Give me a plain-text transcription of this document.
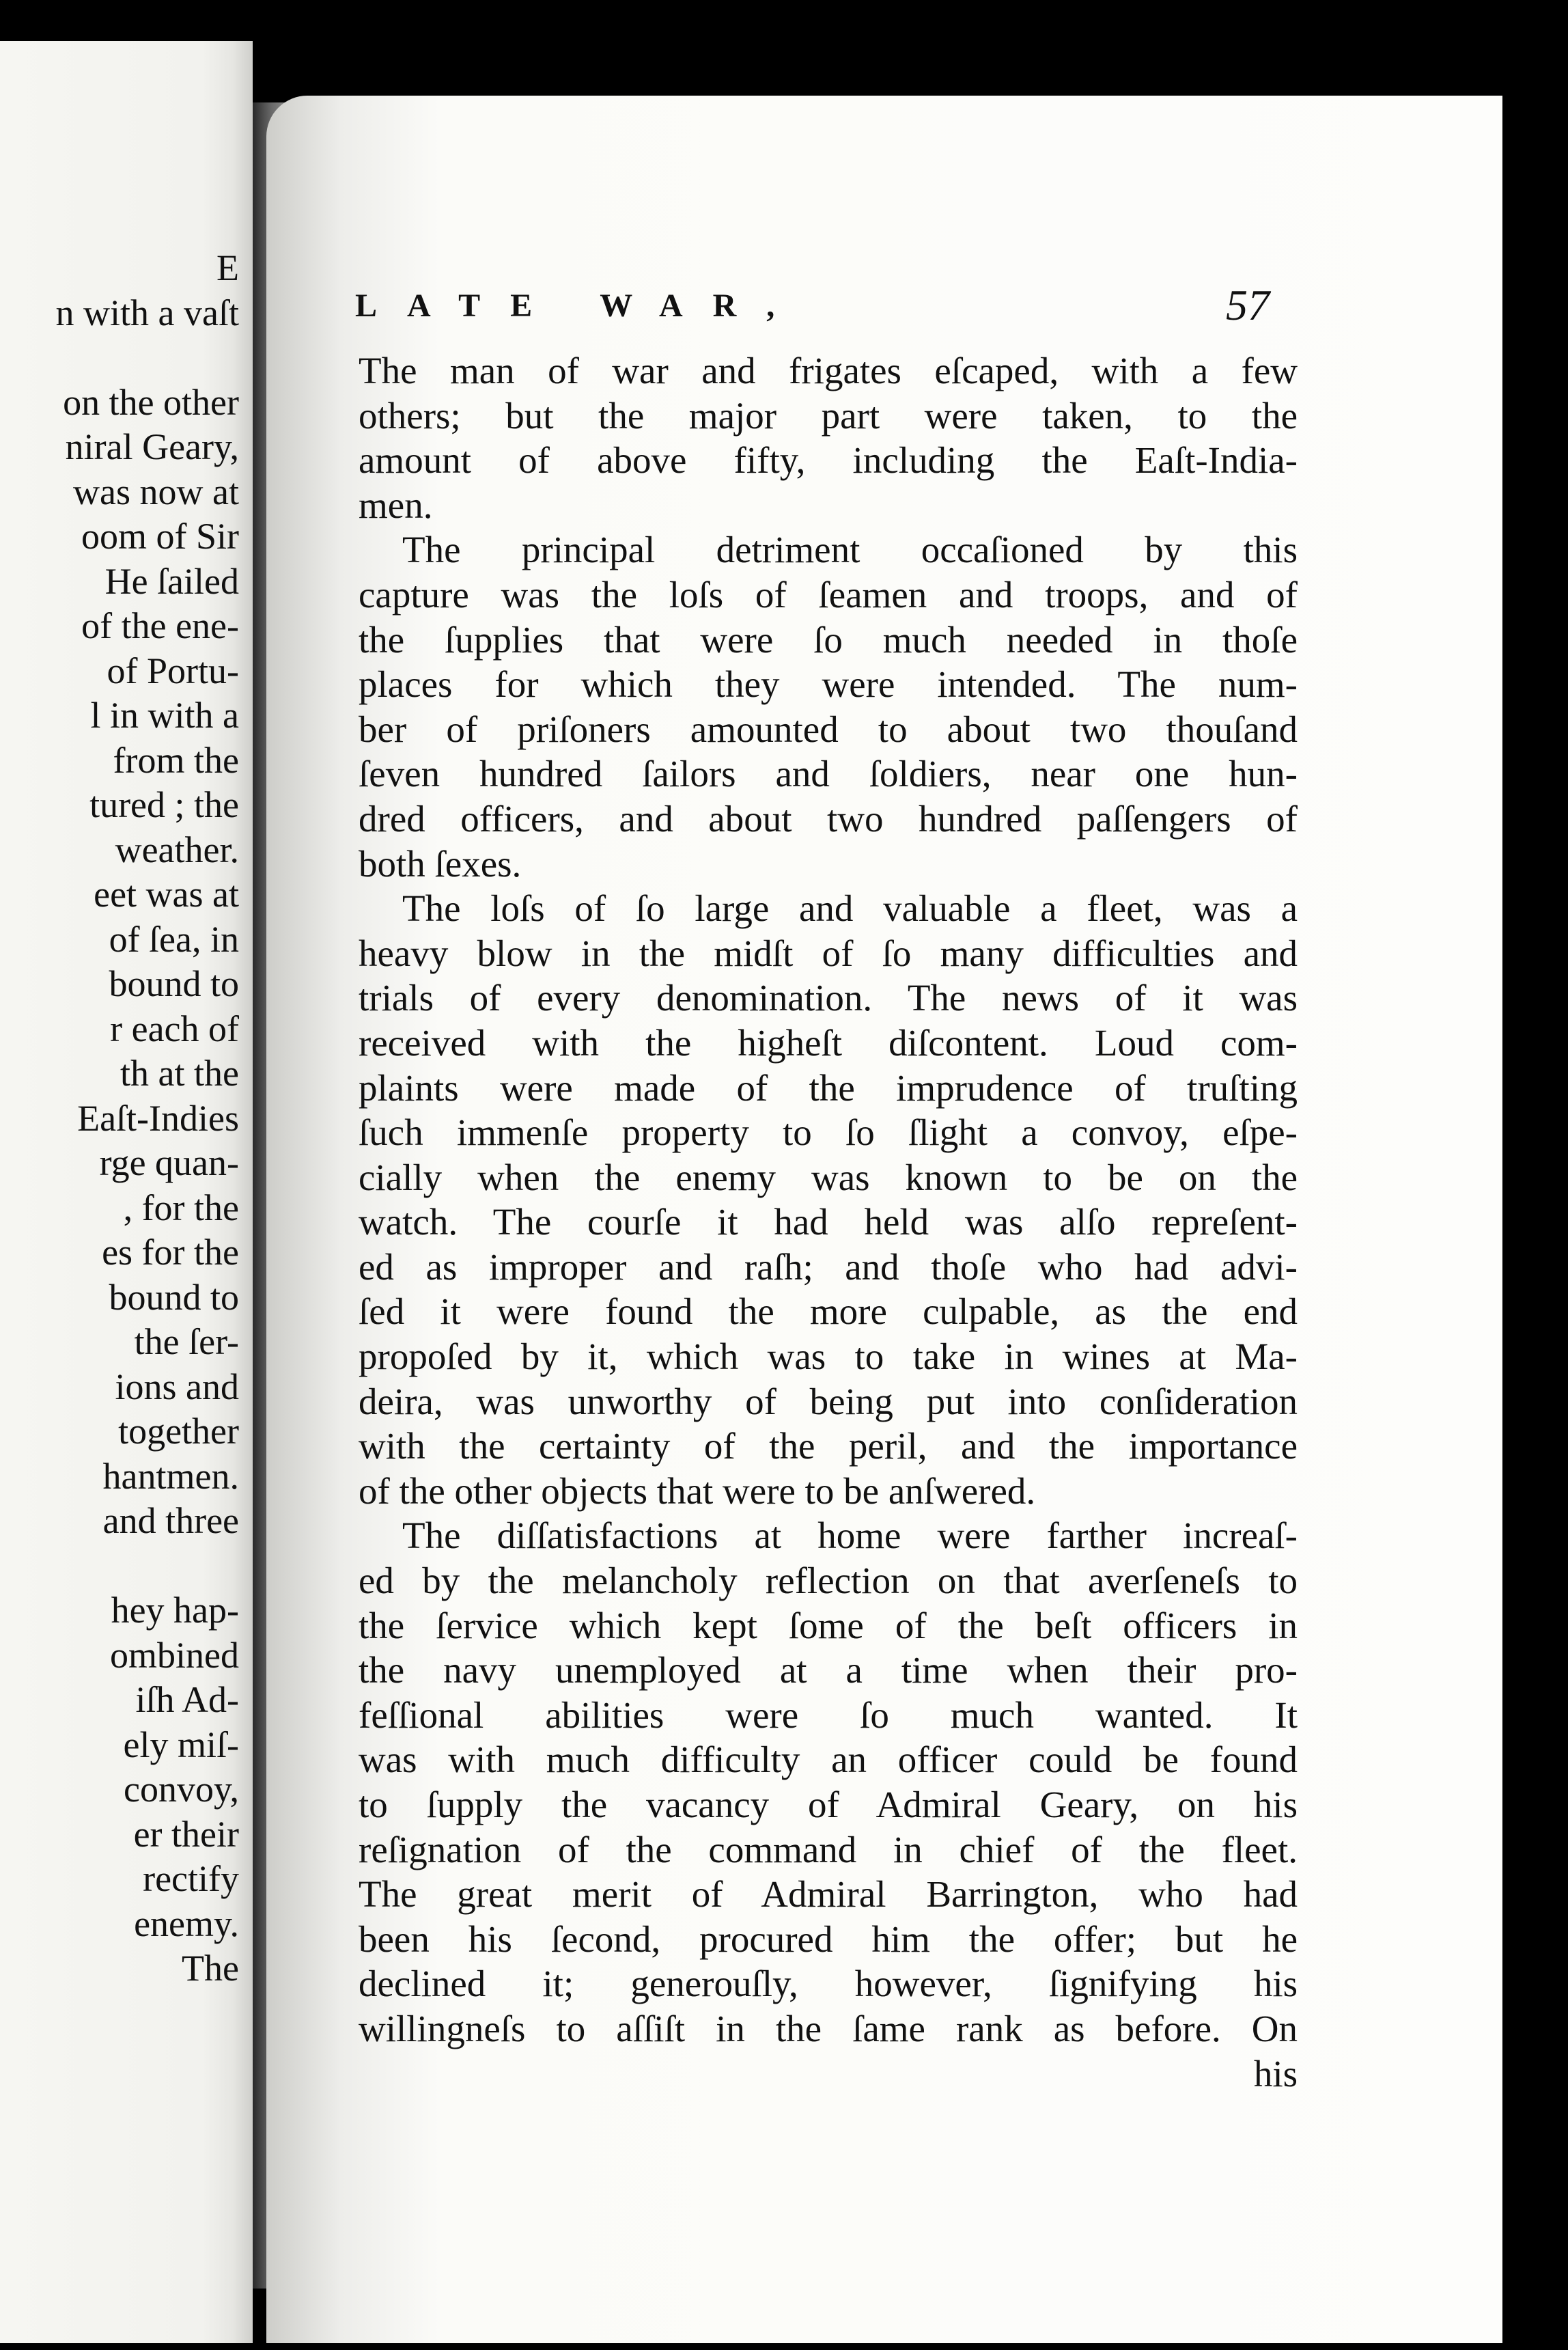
E
n with a vaſt
on the other
niral Geary,
was now at
oom of Sir
He ſailed
of the ene-
of Portu-
l in with a
from the
tured ; the
weather.
eet was at
of ſea, in
bound to
r each of
th at the
Eaſt-Indies
rge quan-
, for the
es for the
bound to
the ſer-
ions and
together
hantmen.
and three
hey hap-
ombined
iſh Ad-
ely miſ-
convoy,
er their
rectify
enemy.
The
LATE WAR,	57
The man of war and frigates eſcaped, with a few
others; but the major part were taken, to the
amount of above fifty, including the Eaſt-India-
men.
The principal detriment occaſioned by this
capture was the loſs of ſeamen and troops, and of
the ſupplies that were ſo much needed in thoſe
places for which they were intended. The num-
ber of priſoners amounted to about two thouſand
ſeven hundred ſailors and ſoldiers, near one hun-
dred officers, and about two hundred paſſengers of
both ſexes.
The loſs of ſo large and valuable a fleet, was a
heavy blow in the midſt of ſo many difficulties and
trials of every denomination. The news of it was
received with the higheſt diſcontent. Loud com-
plaints were made of the imprudence of truſting
ſuch immenſe property to ſo ſlight a convoy, eſpe-
cially when the enemy was known to be on the
watch. The courſe it had held was alſo repreſent-
ed as improper and raſh; and thoſe who had advi-
ſed it were found the more culpable, as the end
propoſed by it, which was to take in wines at Ma-
deira, was unworthy of being put into conſideration
with the certainty of the peril, and the importance
of the other objects that were to be anſwered.
The diſſatisfactions at home were farther increaſ-
ed by the melancholy reflection on that averſeneſs to
the ſervice which kept ſome of the beſt officers in
the navy unemployed at a time when their pro-
feſſional abilities were ſo much wanted. It
was with much difficulty an officer could be found
to ſupply the vacancy of Admiral Geary, on his
reſignation of the command in chief of the fleet.
The great merit of Admiral Barrington, who had
been his ſecond, procured him the offer; but he
declined it; generouſly, however, ſignifying his
willingneſs to aſſiſt in the ſame rank as before. On
his
